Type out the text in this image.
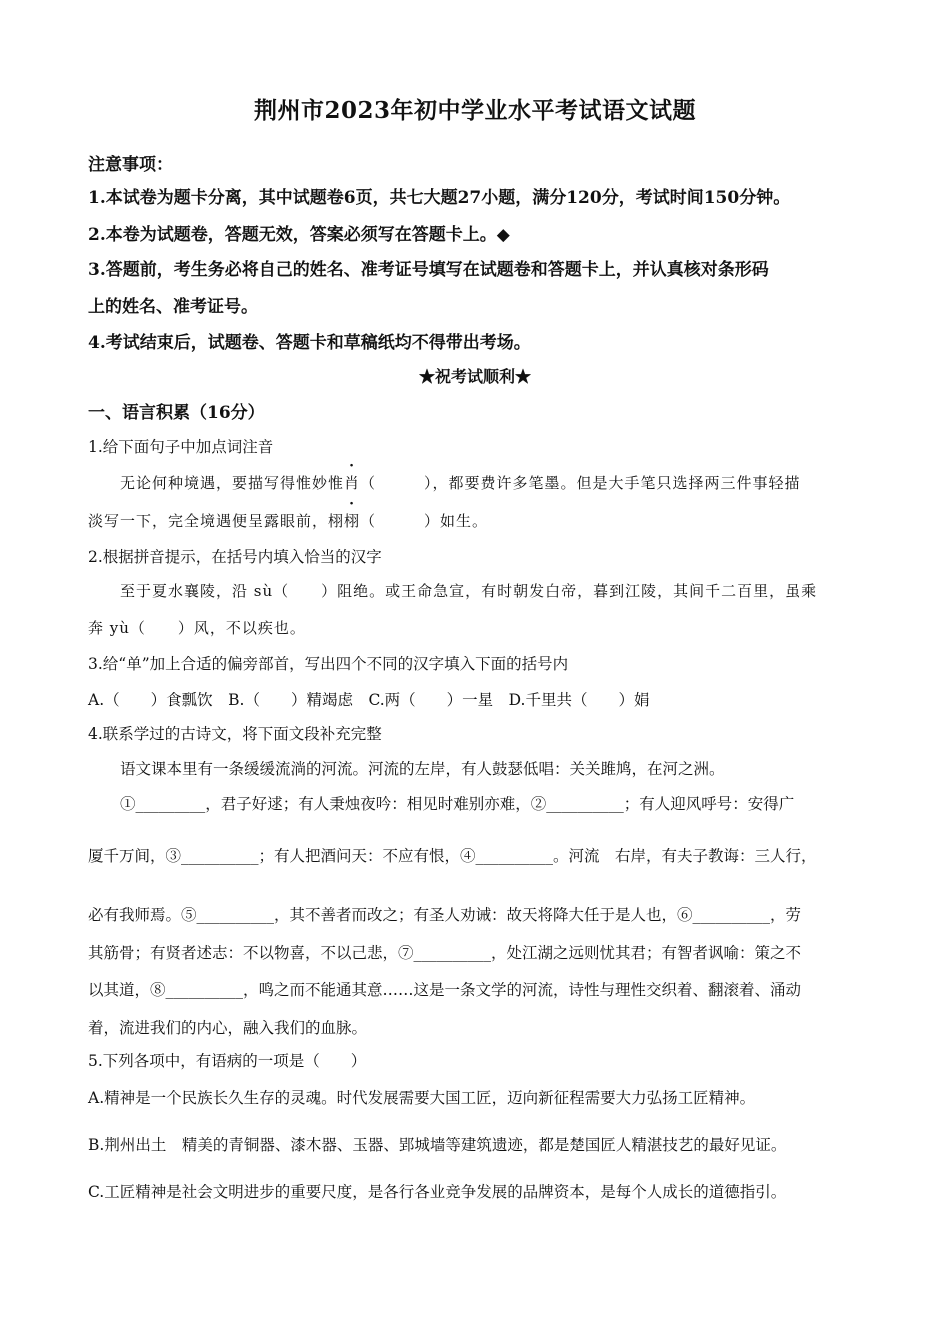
荆州市2023年初中学业水平考试语文试题
注意事项：
1.本试卷为题卡分离，其中试题卷6页，共七大题27小题，满分120分，考试时间150分钟。
2.本卷为试题卷，答题无效，答案必须写在答题卡上。◆
3.答题前，考生务必将自己的姓名、准考证号填写在试题卷和答题卡上，并认真核对条形码
上的姓名、准考证号。
4.考试结束后，试题卷、答题卡和草稿纸均不得带出考场。
★祝考试顺利★
一、语言积累（16分）
1.给下面句子中加点词注音
无论何种境遇，要描写得惟妙惟肖（　　　），都要费许多笔墨。但是大手笔只选择两三件事轻描
淡写一下，完全境遇便呈露眼前，栩栩（　　　）如生。
2.根据拼音提示，在括号内填入恰当的汉字
至于夏水襄陵，沿 sù（　　）阻绝。或王命急宣，有时朝发白帝，暮到江陵，其间千二百里，虽乘
奔 yù（　　）风，不以疾也。
3.给“单”加上合适的偏旁部首，写出四个不同的汉字填入下面的括号内
A.（　　）食瓢饮　B.（　　）精竭虑　C.两（　　）一星　D.千里共（　　）娟
4.联系学过的古诗文，将下面文段补充完整
语文课本里有一条缓缓流淌的河流。河流的左岸，有人鼓瑟低唱：关关雎鸠，在河之洲。
①_________，君子好逑；有人秉烛夜吟：相见时难别亦难，②__________；有人迎风呼号：安得广
厦千万间，③__________；有人把酒问天：不应有恨，④__________。河流　右岸，有夫子教诲：三人行，
必有我师焉。⑤__________，其不善者而改之；有圣人劝诫：故天将降大任于是人也，⑥__________，劳
其筋骨；有贤者述志：不以物喜，不以己悲，⑦__________，处江湖之远则忧其君；有智者讽喻：策之不
以其道，⑧__________，鸣之而不能通其意……这是一条文学的河流，诗性与理性交织着、翻滚着、涌动
着，流进我们的内心，融入我们的血脉。
5.下列各项中，有语病的一项是（　　）
A.精神是一个民族长久生存的灵魂。时代发展需要大国工匠，迈向新征程需要大力弘扬工匠精神。
B.荆州出土　精美的青铜器、漆木器、玉器、郢城墙等建筑遗迹，都是楚国匠人精湛技艺的最好见证。
C.工匠精神是社会文明进步的重要尺度，是各行各业竞争发展的品牌资本，是每个人成长的道德指引。
